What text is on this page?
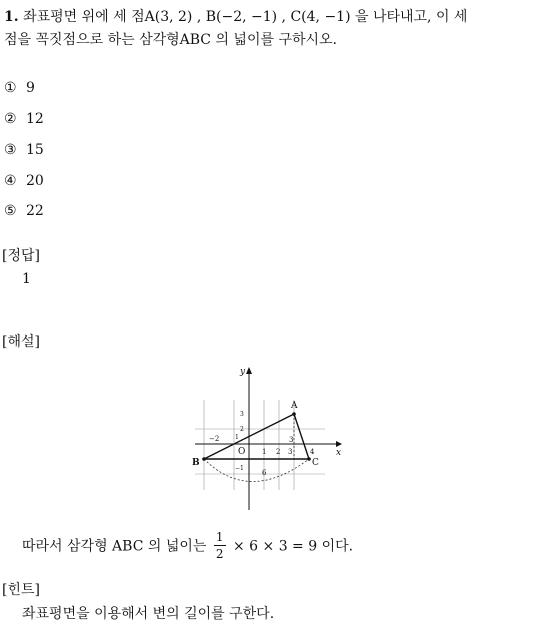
1. 좌표평면 위에 세 점A(3, 2) , B(−2, −1) , C(4, −1) 을 나타내고, 이 세
점을 꼭짓점으로 하는 삼각형ABC 의 넓이를 구하시오.
① 9
② 12
③ 15
④ 20
⑤ 22
[정답]
1
[해설]
y
x
O
A
B	C
−2
1 2 3	4
3
2
1
−1
3
6
따라서 삼각형 ABC 의 넓이는 $\frac{1}{2} \times 6 \times 3 = 9$ 이다.
[힌트]
좌표평면을 이용해서 변의 길이를 구한다.
